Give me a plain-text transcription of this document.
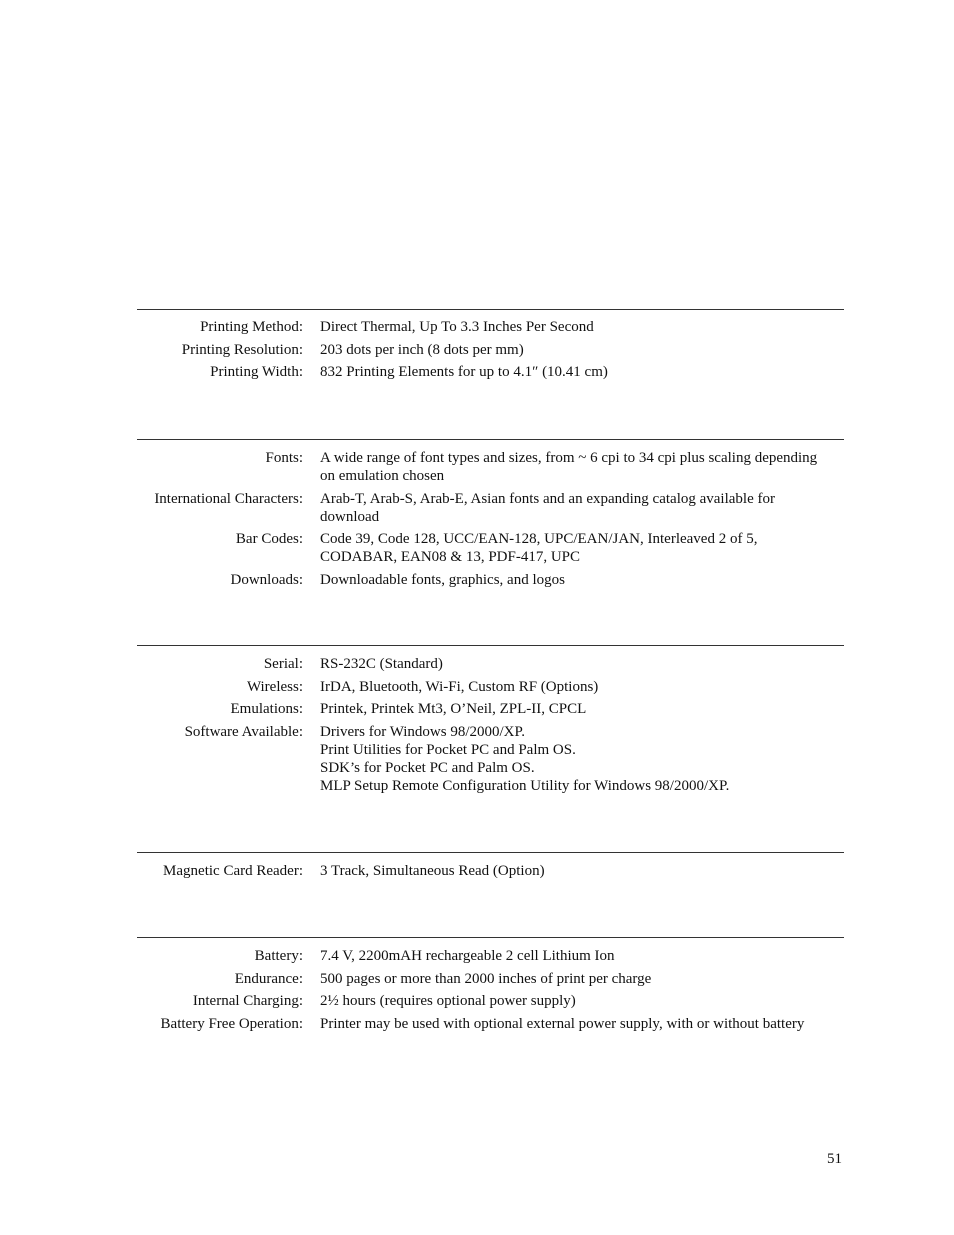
Printing Method: Direct Thermal, Up To 3.3 Inches Per Second
Printing Resolution: 203 dots per inch (8 dots per mm)
Printing Width: 832 Printing Elements for up to 4.1″ (10.41 cm)
Fonts: A wide range of font types and sizes, from ~ 6 cpi to 34 cpi plus scaling depending
on emulation chosen
International Characters: Arab-T, Arab-S, Arab-E, Asian fonts and an expanding catalog available for
download
Bar Codes: Code 39, Code 128, UCC/EAN-128, UPC/EAN/JAN, Interleaved 2 of 5,
CODABAR, EAN08 & 13, PDF-417, UPC
Downloads: Downloadable fonts, graphics, and logos
Serial: RS-232C (Standard)
Wireless: IrDA, Bluetooth, Wi-Fi, Custom RF (Options)
Emulations: Printek, Printek Mt3, O’Neil, ZPL-II, CPCL
Software Available: Drivers for Windows 98/2000/XP.
Print Utilities for Pocket PC and Palm OS.
SDK’s for Pocket PC and Palm OS.
MLP Setup Remote Configuration Utility for Windows 98/2000/XP.
Magnetic Card Reader: 3 Track, Simultaneous Read (Option)
Battery: 7.4 V, 2200mAH rechargeable 2 cell Lithium Ion
Endurance: 500 pages or more than 2000 inches of print per charge
Internal Charging: 2½ hours (requires optional power supply)
Battery Free Operation: Printer may be used with optional external power supply, with or without battery
51
